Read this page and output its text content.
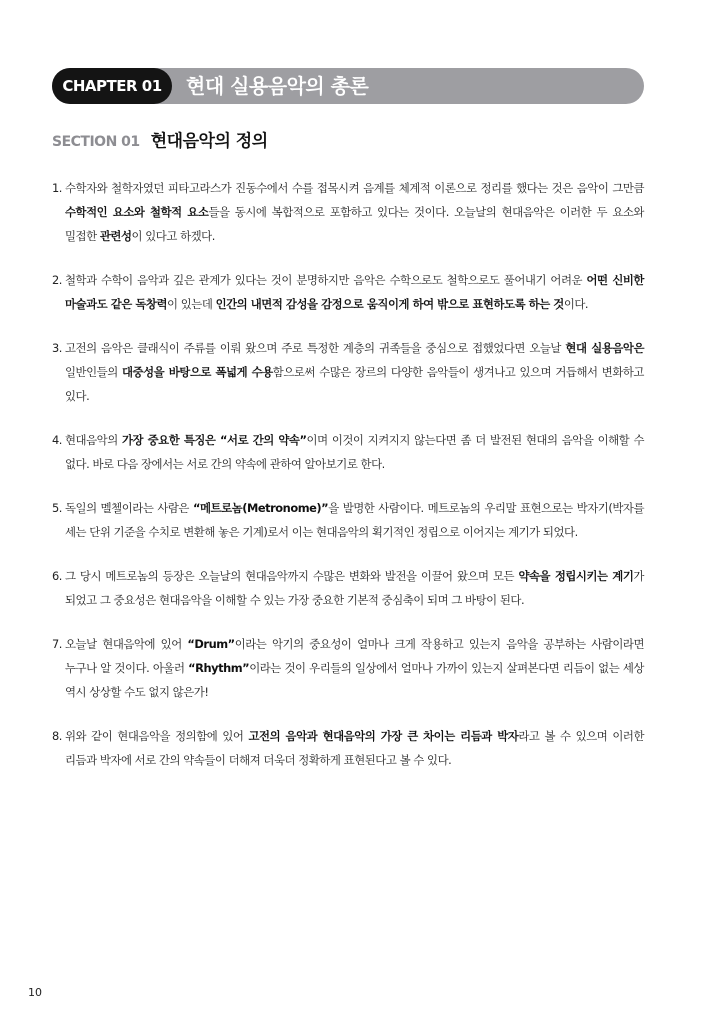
CHAPTER 01	현대 실용음악의 총론
SECTION 01 현대음악의 정의
1. 수학자와 철학자였던 피타고라스가 진동수에서 수를 접목시켜 음계를 체계적 이론으로 정리를 했다는 것은 음악이 그만큼 수학적인 요소와 철학적 요소들을 동시에 복합적으로 포함하고 있다는 것이다. 오늘날의 현대음악은 이러한 두 요소와 밀접한 관련성이 있다고 하겠다.
2. 철학과 수학이 음악과 깊은 관계가 있다는 것이 분명하지만 음악은 수학으로도 철학으로도 풀어내기 어려운 어떤 신비한 마술과도 같은 독창력이 있는데 인간의 내면적 감성을 감정으로 움직이게 하여 밖으로 표현하도록 하는 것이다.
3. 고전의 음악은 클래식이 주류를 이뤄 왔으며 주로 특정한 계층의 귀족들을 중심으로 접했었다면 오늘날 현대 실용음악은 일반인들의 대중성을 바탕으로 폭넓게 수용함으로써 수많은 장르의 다양한 음악들이 생겨나고 있으며 거듭해서 변화하고 있다.
4. 현대음악의 가장 중요한 특징은 “서로 간의 약속”이며 이것이 지켜지지 않는다면 좀 더 발전된 현대의 음악을 이해할 수 없다. 바로 다음 장에서는 서로 간의 약속에 관하여 알아보기로 한다.
5. 독일의 멜첼이라는 사람은 “메트로놈(Metronome)”을 발명한 사람이다. 메트로놈의 우리말 표현으로는 박자기(박자를 세는 단위 기준을 수치로 변환해 놓은 기계)로서 이는 현대음악의 획기적인 정립으로 이어지는 계기가 되었다.
6. 그 당시 메트로놈의 등장은 오늘날의 현대음악까지 수많은 변화와 발전을 이끌어 왔으며 모든 약속을 정립시키는 계기가 되었고 그 중요성은 현대음악을 이해할 수 있는 가장 중요한 기본적 중심축이 되며 그 바탕이 된다.
7. 오늘날 현대음악에 있어 “Drum”이라는 악기의 중요성이 얼마나 크게 작용하고 있는지 음악을 공부하는 사람이라면 누구나 알 것이다. 아울러 “Rhythm”이라는 것이 우리들의 일상에서 얼마나 가까이 있는지 살펴본다면 리듬이 없는 세상 역시 상상할 수도 없지 않은가!
8. 위와 같이 현대음악을 정의함에 있어 고전의 음악과 현대음악의 가장 큰 차이는 리듬과 박자라고 볼 수 있으며 이러한 리듬과 박자에 서로 간의 약속들이 더해져 더욱더 정확하게 표현된다고 볼 수 있다.
10
